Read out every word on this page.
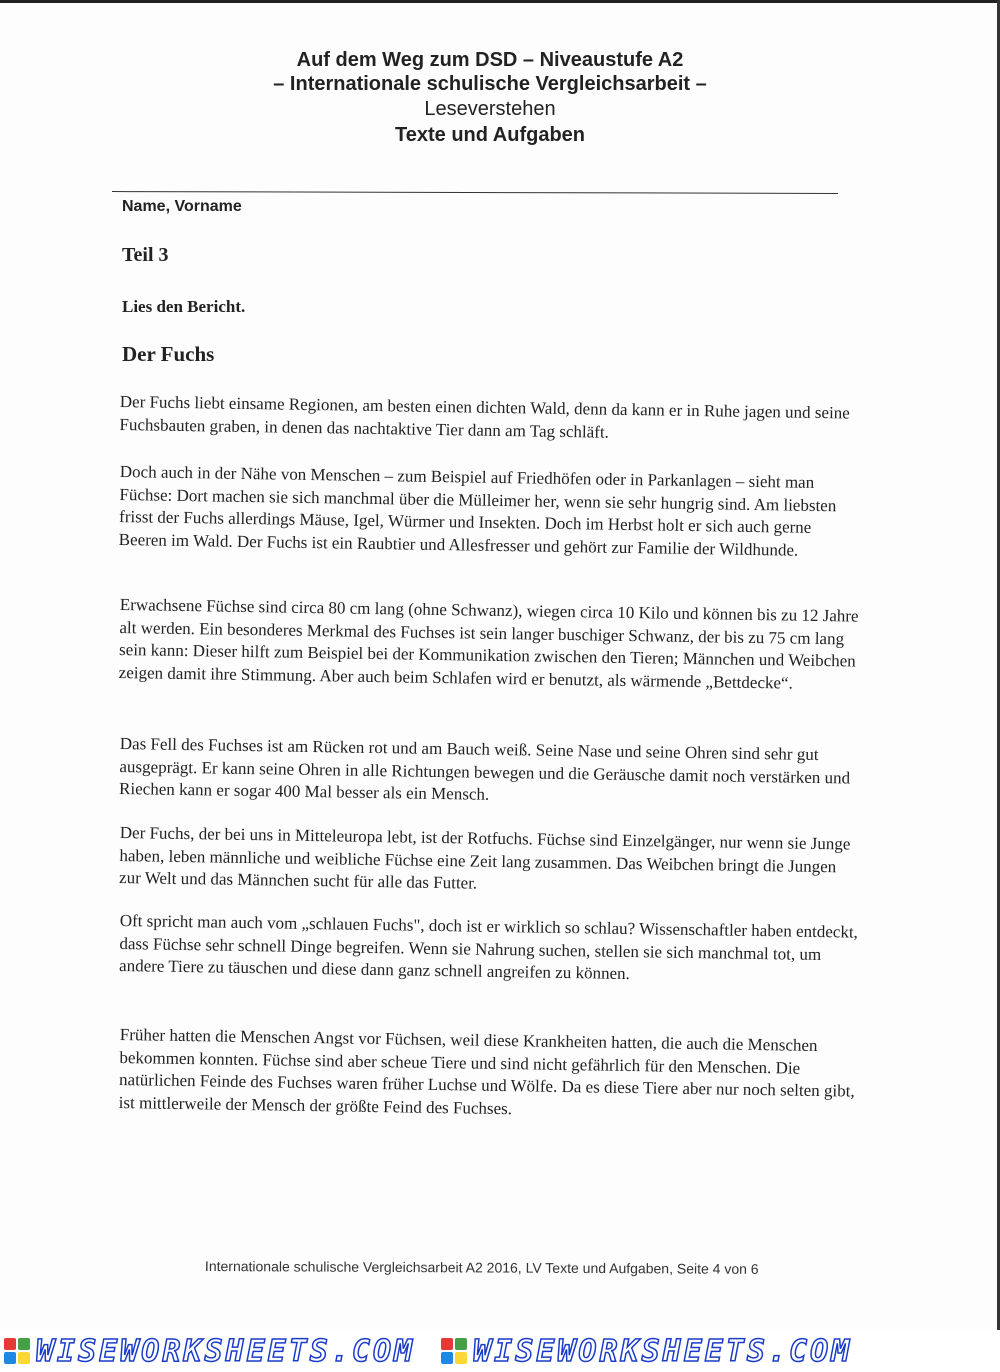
Auf dem Weg zum DSD – Niveaustufe A2
– Internationale schulische Vergleichsarbeit –
Leseverstehen
Texte und Aufgaben
Name, Vorname
Teil 3
Lies den Bericht.
Der Fuchs

Der Fuchs liebt einsame Regionen, am besten einen dichten Wald, denn da kann er in Ruhe jagen und seine Fuchsbauten graben, in denen das nachtaktive Tier dann am Tag schläft.

Doch auch in der Nähe von Menschen – zum Beispiel auf Friedhöfen oder in Parkanlagen – sieht man Füchse: Dort machen sie sich manchmal über die Mülleimer her, wenn sie sehr hungrig sind. Am liebsten frisst der Fuchs allerdings Mäuse, Igel, Würmer und Insekten. Doch im Herbst holt er sich auch gerne Beeren im Wald. Der Fuchs ist ein Raubtier und Allesfresser und gehört zur Familie der Wildhunde.

Erwachsene Füchse sind circa 80 cm lang (ohne Schwanz), wiegen circa 10 Kilo und können bis zu 12 Jahre alt werden. Ein besonderes Merkmal des Fuchses ist sein langer buschiger Schwanz, der bis zu 75 cm lang sein kann: Dieser hilft zum Beispiel bei der Kommunikation zwischen den Tieren; Männchen und Weibchen zeigen damit ihre Stimmung. Aber auch beim Schlafen wird er benutzt, als wärmende „Bettdecke“.

Das Fell des Fuchses ist am Rücken rot und am Bauch weiß. Seine Nase und seine Ohren sind sehr gut ausgeprägt. Er kann seine Ohren in alle Richtungen bewegen und die Geräusche damit noch verstärken und Riechen kann er sogar 400 Mal besser als ein Mensch.

Der Fuchs, der bei uns in Mitteleuropa lebt, ist der Rotfuchs. Füchse sind Einzelgänger, nur wenn sie Junge haben, leben männliche und weibliche Füchse eine Zeit lang zusammen. Das Weibchen bringt die Jungen zur Welt und das Männchen sucht für alle das Futter.

Oft spricht man auch vom „schlauen Fuchs", doch ist er wirklich so schlau? Wissenschaftler haben entdeckt, dass Füchse sehr schnell Dinge begreifen. Wenn sie Nahrung suchen, stellen sie sich manchmal tot, um andere Tiere zu täuschen und diese dann ganz schnell angreifen zu können.

Früher hatten die Menschen Angst vor Füchsen, weil diese Krankheiten hatten, die auch die Menschen bekommen konnten. Füchse sind aber scheue Tiere und sind nicht gefährlich für den Menschen. Die natürlichen Feinde des Fuchses waren früher Luchse und Wölfe. Da es diese Tiere aber nur noch selten gibt, ist mittlerweile der Mensch der größte Feind des Fuchses.

Internationale schulische Vergleichsarbeit A2 2016, LV Texte und Aufgaben, Seite 4 von 6
WISEWORKSHEETS.COM WISEWORKSHEETS.COM
